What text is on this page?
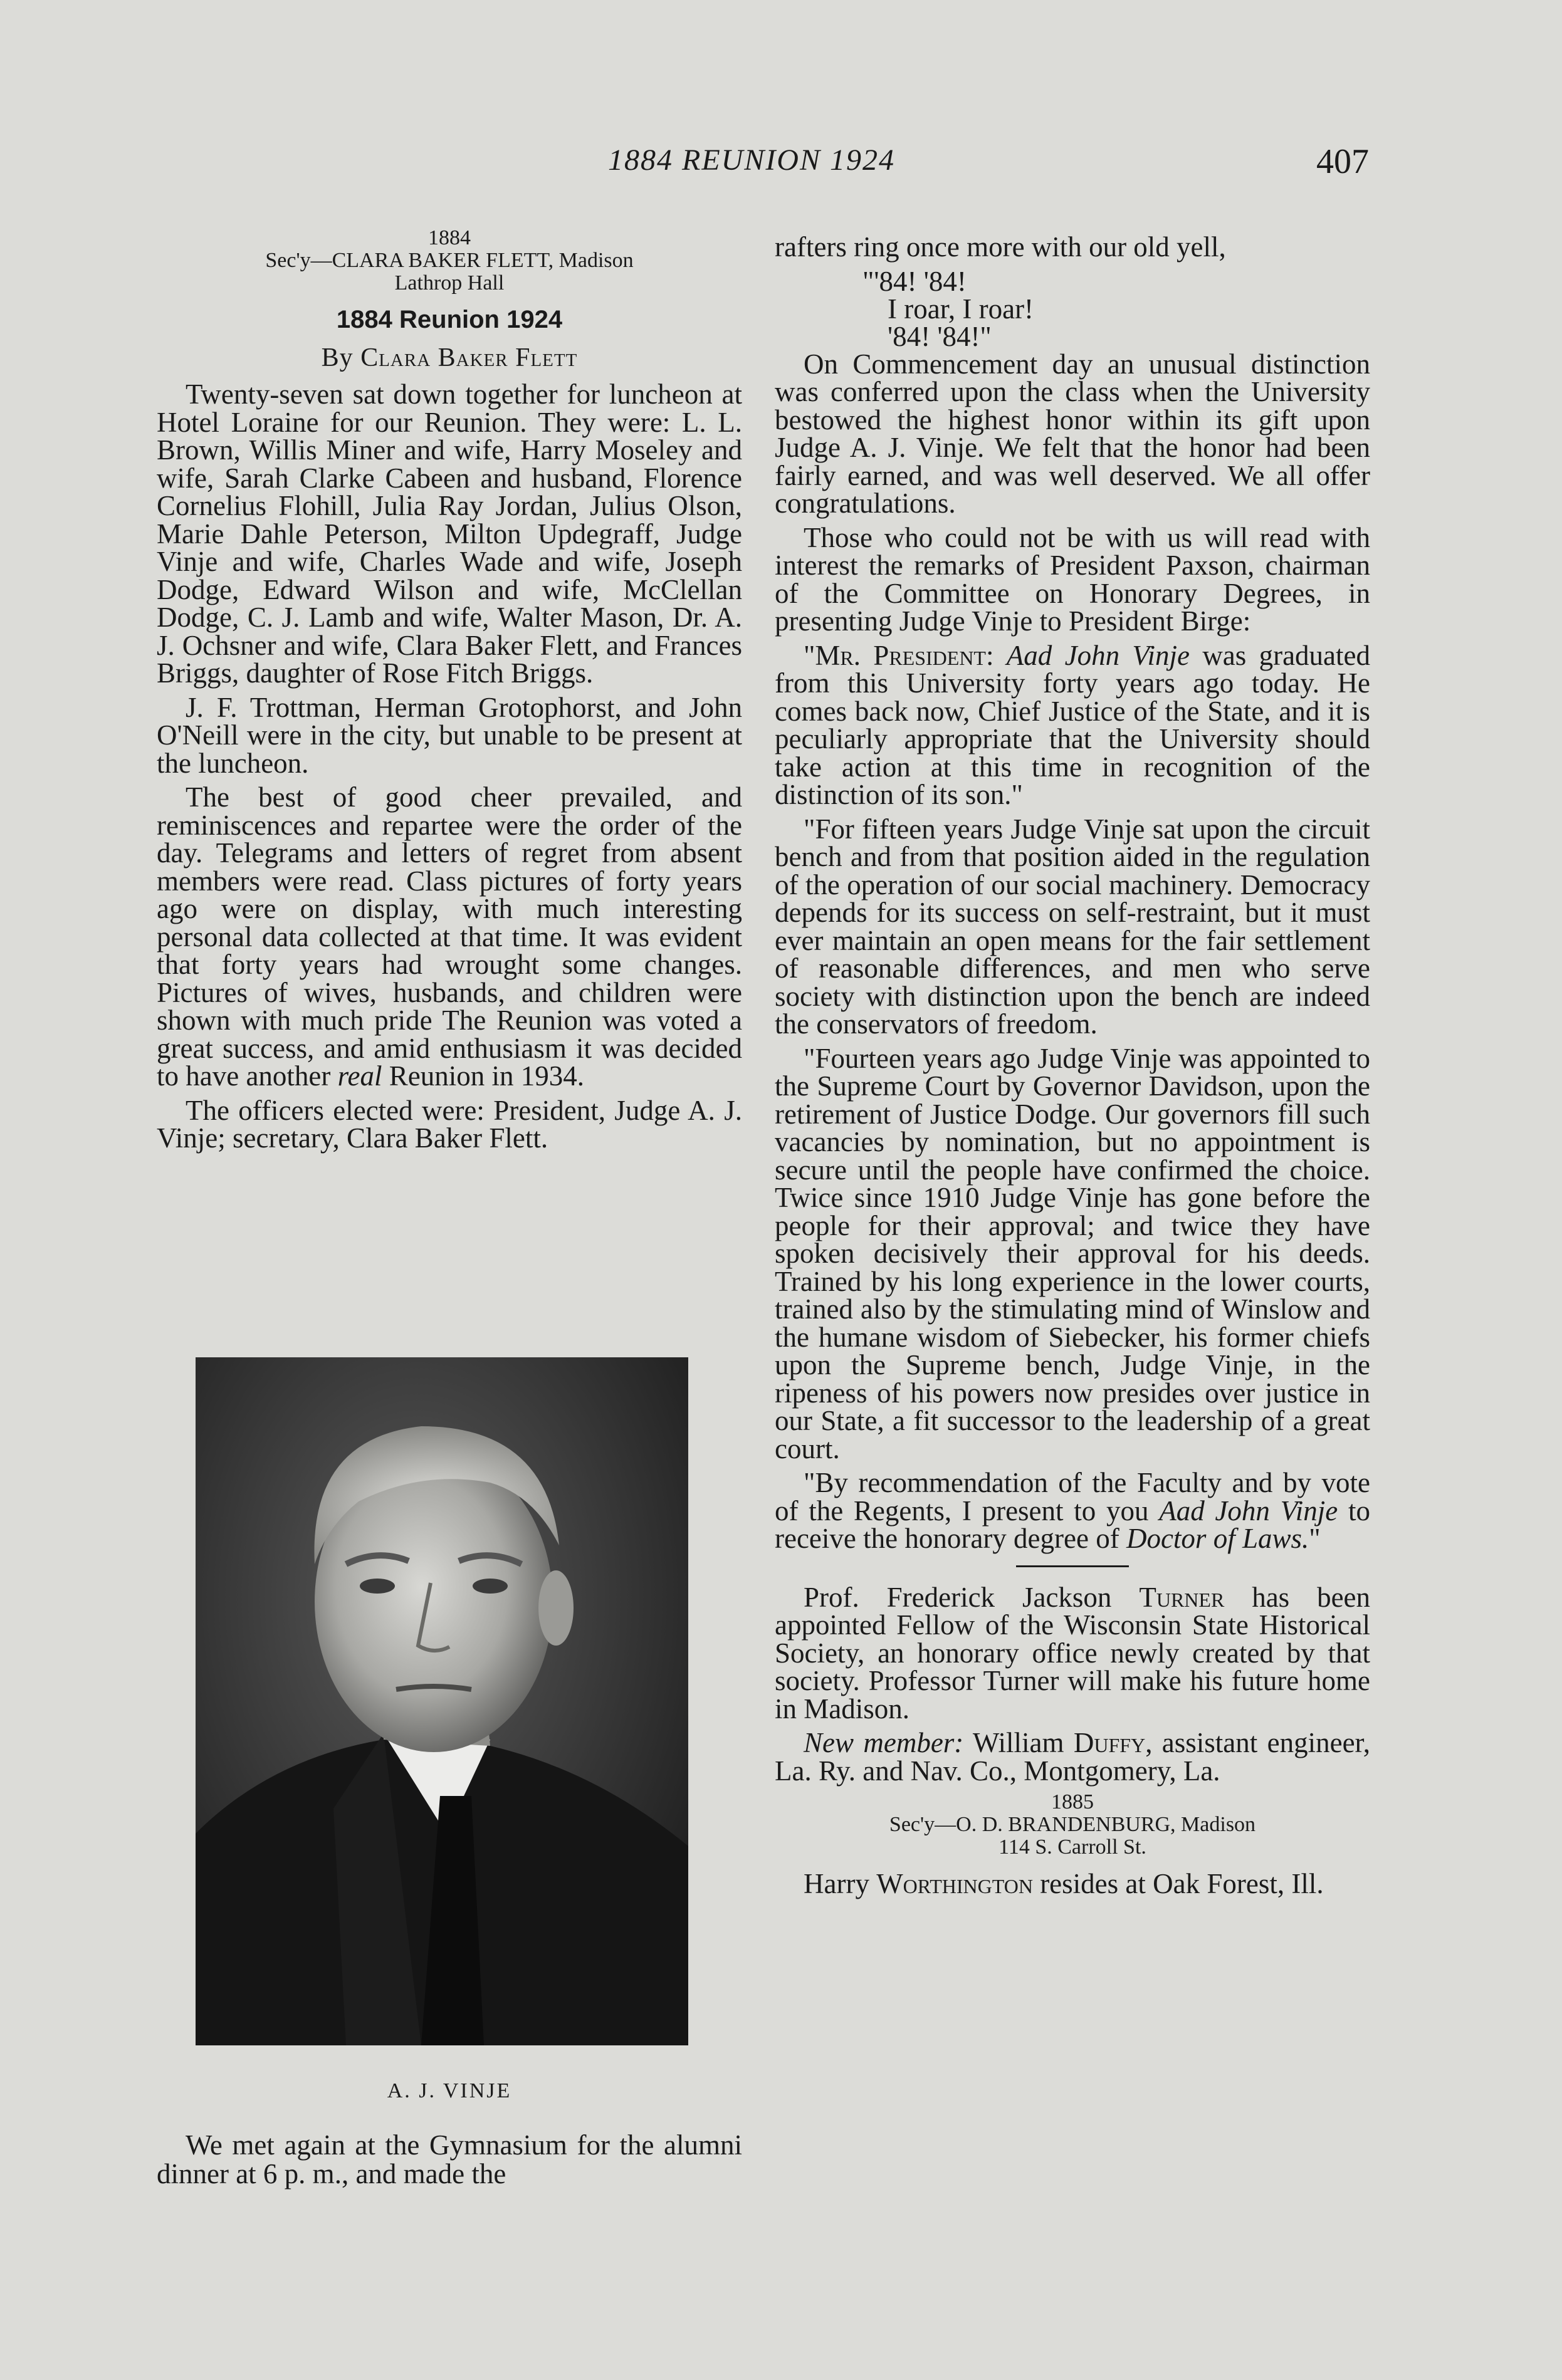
1884 REUNION 1924	407
1884
Sec'y—CLARA BAKER FLETT, Madison
Lathrop Hall
1884 Reunion 1924
By Clara Baker Flett

Twenty-seven sat down together for luncheon at Hotel Loraine for our Reunion. They were: L. L. Brown, Willis Miner and wife, Harry Moseley and wife, Sarah Clarke Cabeen and husband, Florence Cornelius Flohill, Julia Ray Jordan, Julius Olson, Marie Dahle Peterson, Milton Updegraff, Judge Vinje and wife, Charles Wade and wife, Joseph Dodge, Edward Wilson and wife, McClellan Dodge, C. J. Lamb and wife, Walter Mason, Dr. A. J. Ochsner and wife, Clara Baker Flett, and Frances Briggs, daughter of Rose Fitch Briggs.

J. F. Trottman, Herman Grotophorst, and John O'Neill were in the city, but unable to be present at the luncheon.

The best of good cheer prevailed, and reminiscences and repartee were the order of the day. Telegrams and letters of regret from absent members were read. Class pictures of forty years ago were on display, with much interesting personal data collected at that time. It was evident that forty years had wrought some changes. Pictures of wives, husbands, and children were shown with much pride The Reunion was voted a great success, and amid enthusiasm it was decided to have another real Reunion in 1934.

The officers elected were: President, Judge A. J. Vinje; secretary, Clara Baker Flett.

A. J. VINJE

We met again at the Gymnasium for the alumni dinner at 6 p. m., and made the

rafters ring once more with our old yell,

"'84! '84!
I roar, I roar!
'84! '84!"

On Commencement day an unusual distinction was conferred upon the class when the University bestowed the highest honor within its gift upon Judge A. J. Vinje. We felt that the honor had been fairly earned, and was well deserved. We all offer congratulations.

Those who could not be with us will read with interest the remarks of President Paxson, chairman of the Committee on Honorary Degrees, in presenting Judge Vinje to President Birge:

"Mr. President: Aad John Vinje was graduated from this University forty years ago today. He comes back now, Chief Justice of the State, and it is peculiarly appropriate that the University should take action at this time in recognition of the distinction of its son."

"For fifteen years Judge Vinje sat upon the circuit bench and from that position aided in the regulation of the operation of our social machinery. Democracy depends for its success on self-restraint, but it must ever maintain an open means for the fair settlement of reasonable differences, and men who serve society with distinction upon the bench are indeed the conservators of freedom.

"Fourteen years ago Judge Vinje was appointed to the Supreme Court by Governor Davidson, upon the retirement of Justice Dodge. Our governors fill such vacancies by nomination, but no appointment is secure until the people have confirmed the choice. Twice since 1910 Judge Vinje has gone before the people for their approval; and twice they have spoken decisively their approval for his deeds. Trained by his long experience in the lower courts, trained also by the stimulating mind of Winslow and the humane wisdom of Siebecker, his former chiefs upon the Supreme bench, Judge Vinje, in the ripeness of his powers now presides over justice in our State, a fit successor to the leadership of a great court.

"By recommendation of the Faculty and by vote of the Regents, I present to you Aad John Vinje to receive the honorary degree of Doctor of Laws."

Prof. Frederick Jackson Turner has been appointed Fellow of the Wisconsin State Historical Society, an honorary office newly created by that society. Professor Turner will make his future home in Madison.

New member: William Duffy, assistant engineer, La. Ry. and Nav. Co., Montgomery, La.

1885
Sec'y—O. D. BRANDENBURG, Madison
114 S. Carroll St.

Harry Worthington resides at Oak Forest, Ill.
